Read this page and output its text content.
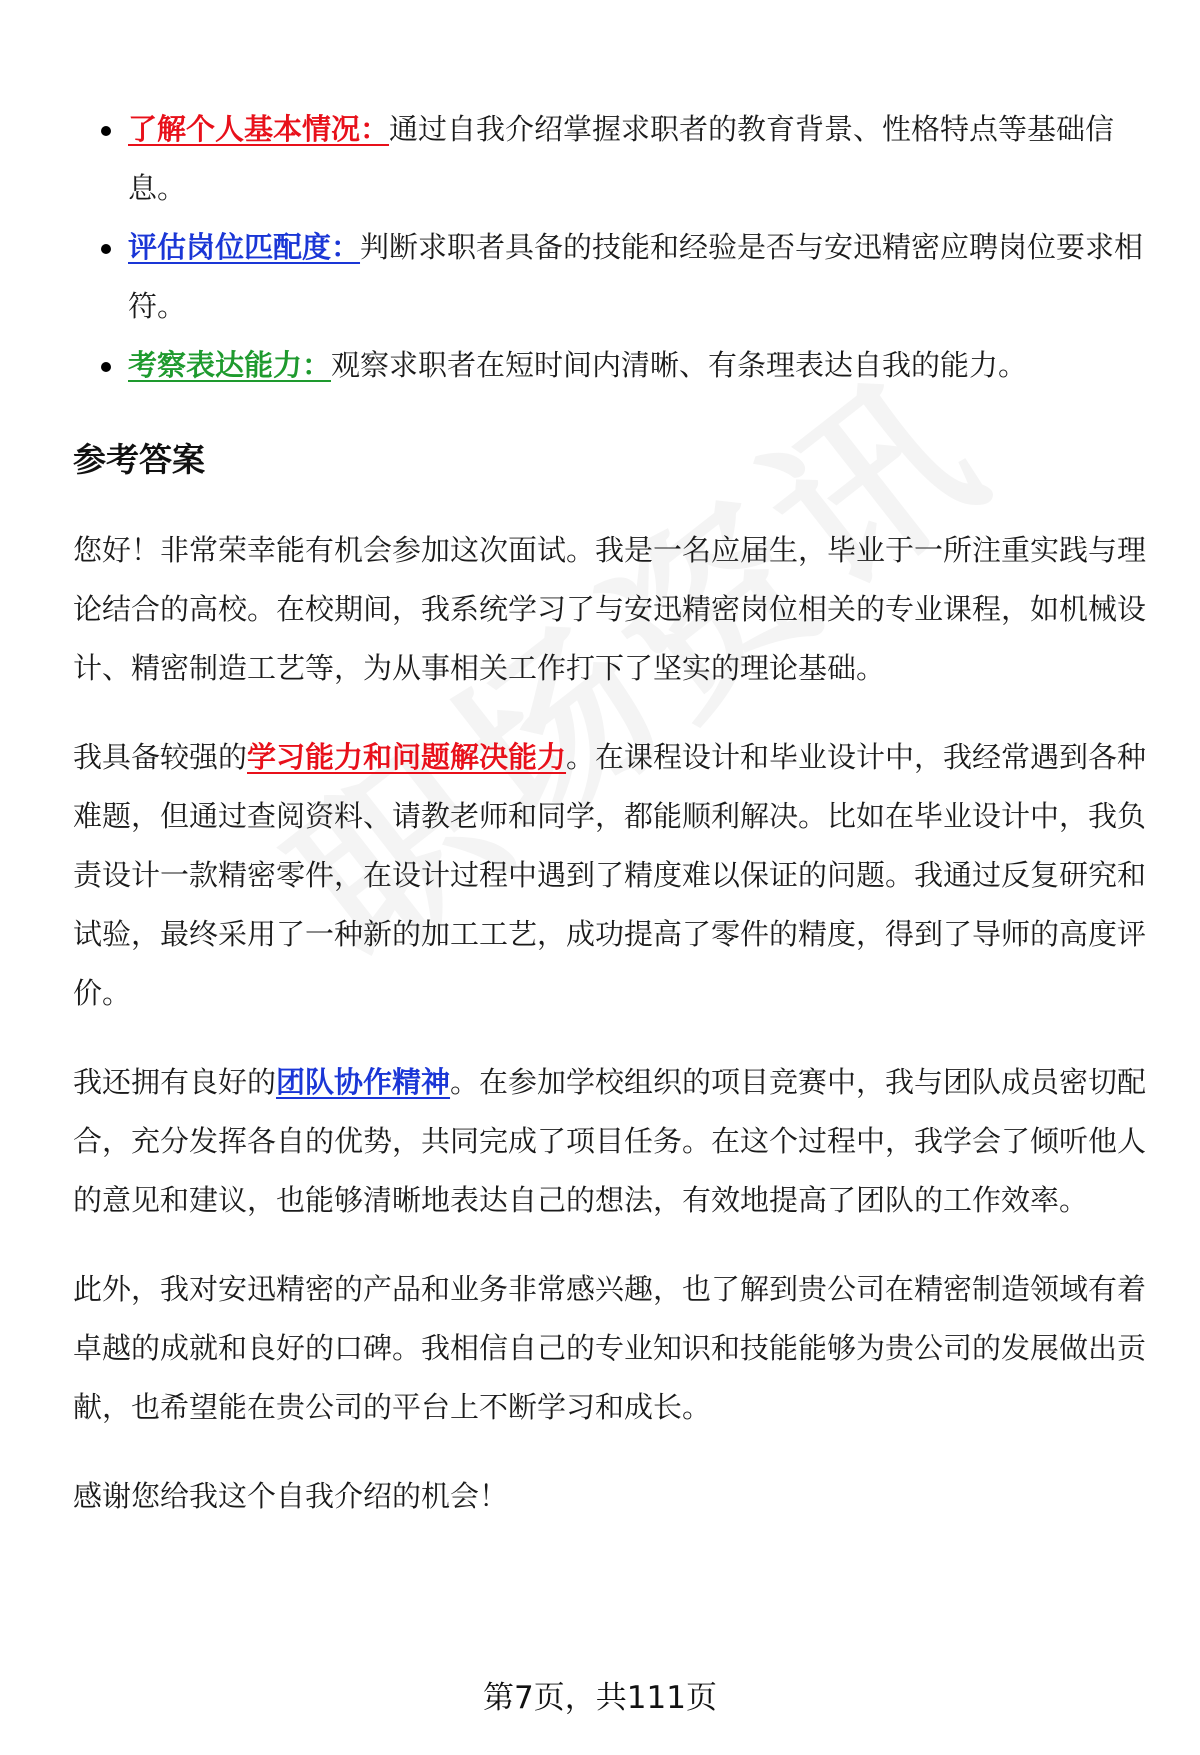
了解个人基本情况：通过自我介绍掌握求职者的教育背景、性格特点等基础信息。
评估岗位匹配度：判断求职者具备的技能和经验是否与安迅精密应聘岗位要求相符。
考察表达能力：观察求职者在短时间内清晰、有条理表达自我的能力。
参考答案

您好！非常荣幸能有机会参加这次面试。我是一名应届生，毕业于一所注重实践与理论结合的高校。在校期间，我系统学习了与安迅精密岗位相关的专业课程，如机械设计、精密制造工艺等，为从事相关工作打下了坚实的理论基础。

我具备较强的学习能力和问题解决能力。在课程设计和毕业设计中，我经常遇到各种难题，但通过查阅资料、请教老师和同学，都能顺利解决。比如在毕业设计中，我负责设计一款精密零件，在设计过程中遇到了精度难以保证的问题。我通过反复研究和试验，最终采用了一种新的加工工艺，成功提高了零件的精度，得到了导师的高度评价。

我还拥有良好的团队协作精神。在参加学校组织的项目竞赛中，我与团队成员密切配合，充分发挥各自的优势，共同完成了项目任务。在这个过程中，我学会了倾听他人的意见和建议，也能够清晰地表达自己的想法，有效地提高了团队的工作效率。

此外，我对安迅精密的产品和业务非常感兴趣，也了解到贵公司在精密制造领域有着卓越的成就和良好的口碑。我相信自己的专业知识和技能能够为贵公司的发展做出贡献，也希望能在贵公司的平台上不断学习和成长。

感谢您给我这个自我介绍的机会！

第7页，共111页
